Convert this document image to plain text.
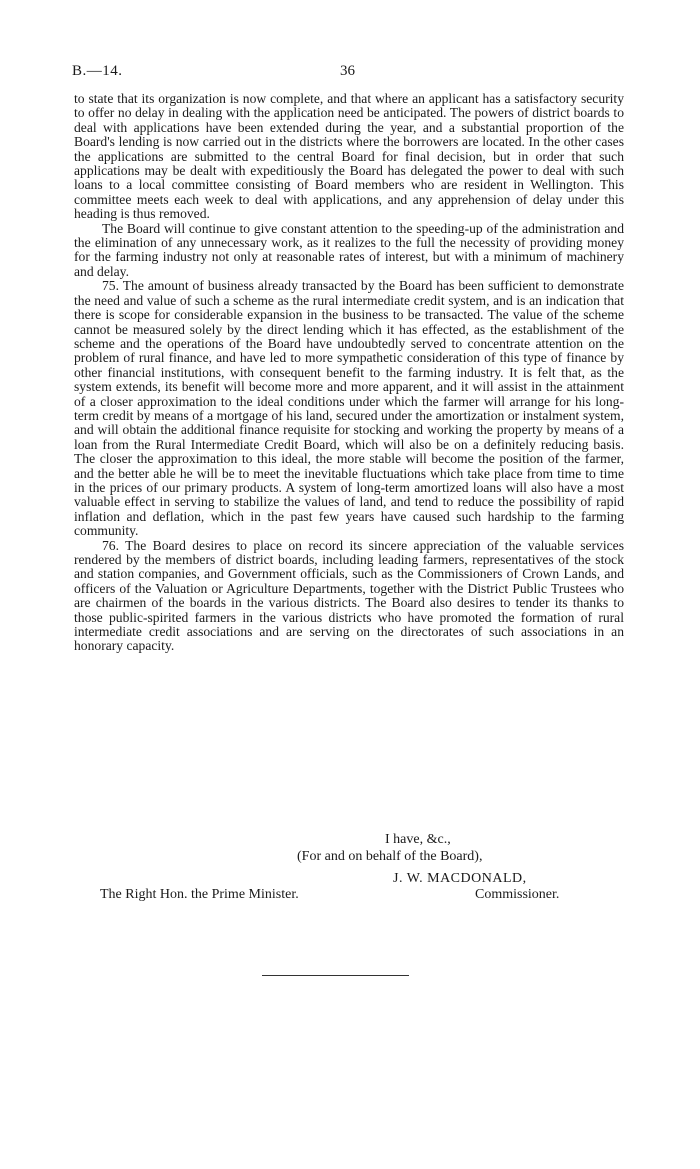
B.—14.	36

to state that its organization is now complete, and that where an applicant has a satisfactory security to offer no delay in dealing with the application need be anticipated. The powers of district boards to deal with applications have been extended during the year, and a substantial proportion of the Board's lending is now carried out in the districts where the borrowers are located. In the other cases the applications are submitted to the central Board for final decision, but in order that such applications may be dealt with expeditiously the Board has delegated the power to deal with such loans to a local committee consisting of Board members who are resident in Wellington. This committee meets each week to deal with applications, and any apprehension of delay under this heading is thus removed.

The Board will continue to give constant attention to the speeding-up of the administration and the elimination of any unnecessary work, as it realizes to the full the necessity of providing money for the farming industry not only at reasonable rates of interest, but with a minimum of machinery and delay.

75. The amount of business already transacted by the Board has been sufficient to demonstrate the need and value of such a scheme as the rural intermediate credit system, and is an indication that there is scope for considerable expansion in the business to be transacted. The value of the scheme cannot be measured solely by the direct lending which it has effected, as the establishment of the scheme and the operations of the Board have undoubtedly served to concentrate attention on the problem of rural finance, and have led to more sympathetic consideration of this type of finance by other financial institutions, with consequent benefit to the farming industry. It is felt that, as the system extends, its benefit will become more and more apparent, and it will assist in the attainment of a closer approximation to the ideal conditions under which the farmer will arrange for his long-term credit by means of a mortgage of his land, secured under the amortization or instalment system, and will obtain the additional finance requisite for stocking and working the property by means of a loan from the Rural Intermediate Credit Board, which will also be on a definitely reducing basis. The closer the approximation to this ideal, the more stable will become the position of the farmer, and the better able he will be to meet the inevitable fluctuations which take place from time to time in the prices of our primary products. A system of long-term amortized loans will also have a most valuable effect in serving to stabilize the values of land, and tend to reduce the possibility of rapid inflation and deflation, which in the past few years have caused such hardship to the farming community.

76. The Board desires to place on record its sincere appreciation of the valuable services rendered by the members of district boards, including leading farmers, representatives of the stock and station companies, and Government officials, such as the Commissioners of Crown Lands, and officers of the Valuation or Agriculture Departments, together with the District Public Trustees who are chairmen of the boards in the various districts. The Board also desires to tender its thanks to those public-spirited farmers in the various districts who have promoted the formation of rural intermediate credit associations and are serving on the directorates of such associations in an honorary capacity.

I have, &c.,
(For and on behalf of the Board),
J. W. MACDONALD,
The Right Hon. the Prime Minister.	Commissioner.
